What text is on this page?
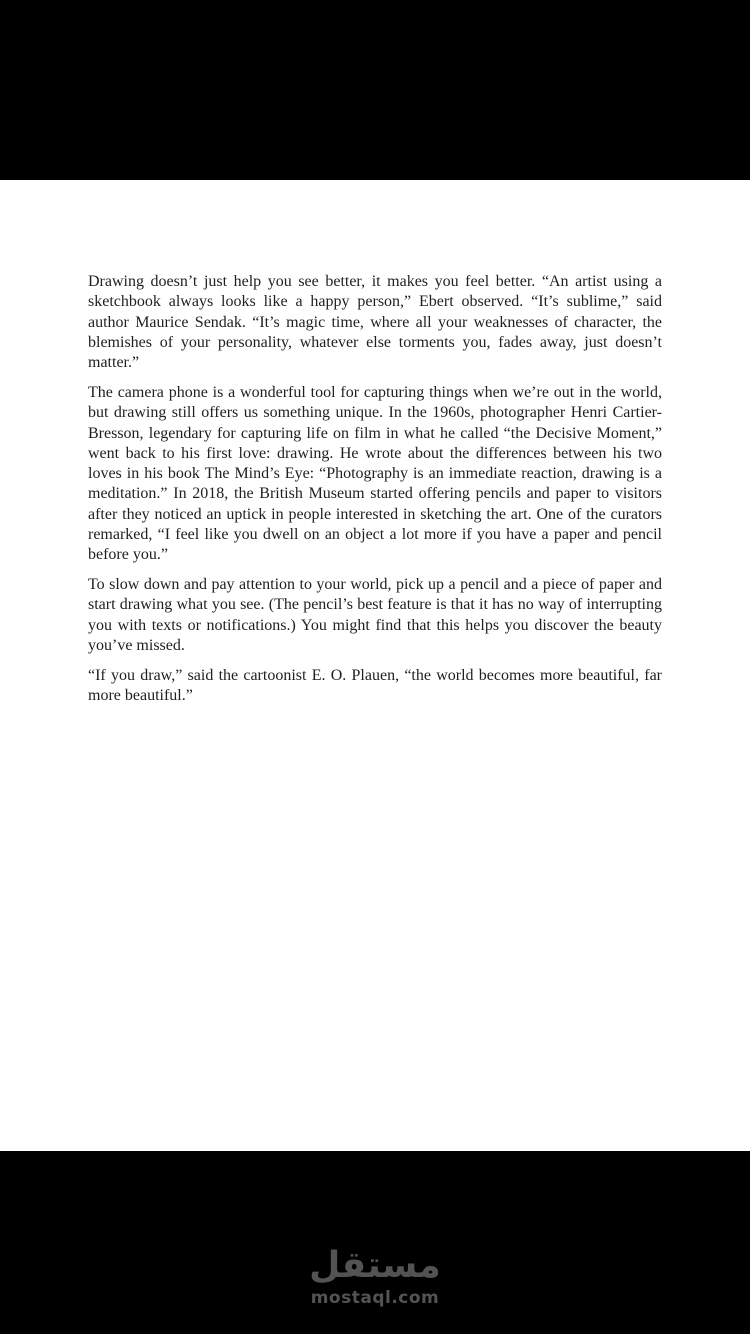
Drawing doesn’t just help you see better, it makes you feel better. “An artist using a sketchbook always looks like a happy person,” Ebert observed. “It’s sublime,” said author Maurice Sendak. “It’s magic time, where all your weaknesses of character, the blemishes of your personality, whatever else torments you, fades away, just doesn’t matter.”

The camera phone is a wonderful tool for capturing things when we’re out in the world, but drawing still offers us something unique. In the 1960s, photographer Henri Cartier-Bresson, legendary for capturing life on film in what he called “the Decisive Moment,” went back to his first love: drawing. He wrote about the differences between his two loves in his book The Mind’s Eye: “Photography is an immediate reaction, drawing is a meditation.” In 2018, the British Museum started offering pencils and paper to visitors after they noticed an uptick in people interested in sketching the art. One of the curators remarked, “I feel like you dwell on an object a lot more if you have a paper and pencil before you.”

To slow down and pay attention to your world, pick up a pencil and a piece of paper and start drawing what you see. (The pencil’s best feature is that it has no way of interrupting you with texts or notifications.) You might find that this helps you discover the beauty you’ve missed.

“If you draw,” said the cartoonist E. O. Plauen, “the world becomes more beautiful, far more beautiful.”

مستقل
mostaql.com
